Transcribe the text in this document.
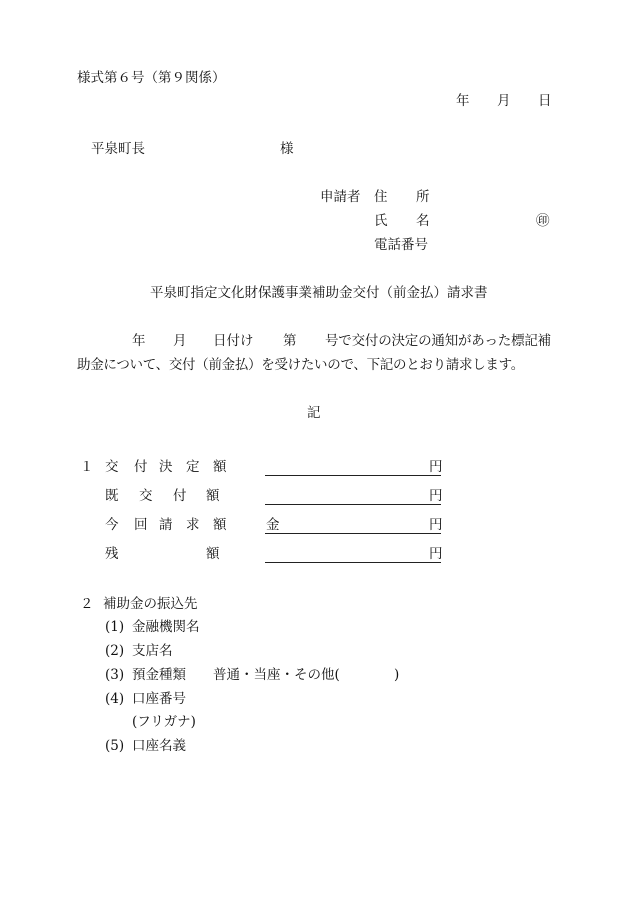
様式第６号（第９関係）
年 月 日
平泉町長	様
申請者 住 所
氏 名	㊞
電話番号
平泉町指定文化財保護事業補助金交付（前金払）請求書
年 月 日付け 第 号で交付の決定の通知があった標記補
助金について、交付（前金払）を受けたいので、下記のとおり請求します。
記
１ 交 付 決 定 額	円
既 交 付 額	円
今 回 請 求 額	金	円
残	額	円
２ 補助金の振込先
(1) 金融機関名
(2) 支店名
(3) 預金種類 普通・当座・その他(	)
(4) 口座番号
(フリガナ)
(5) 口座名義
